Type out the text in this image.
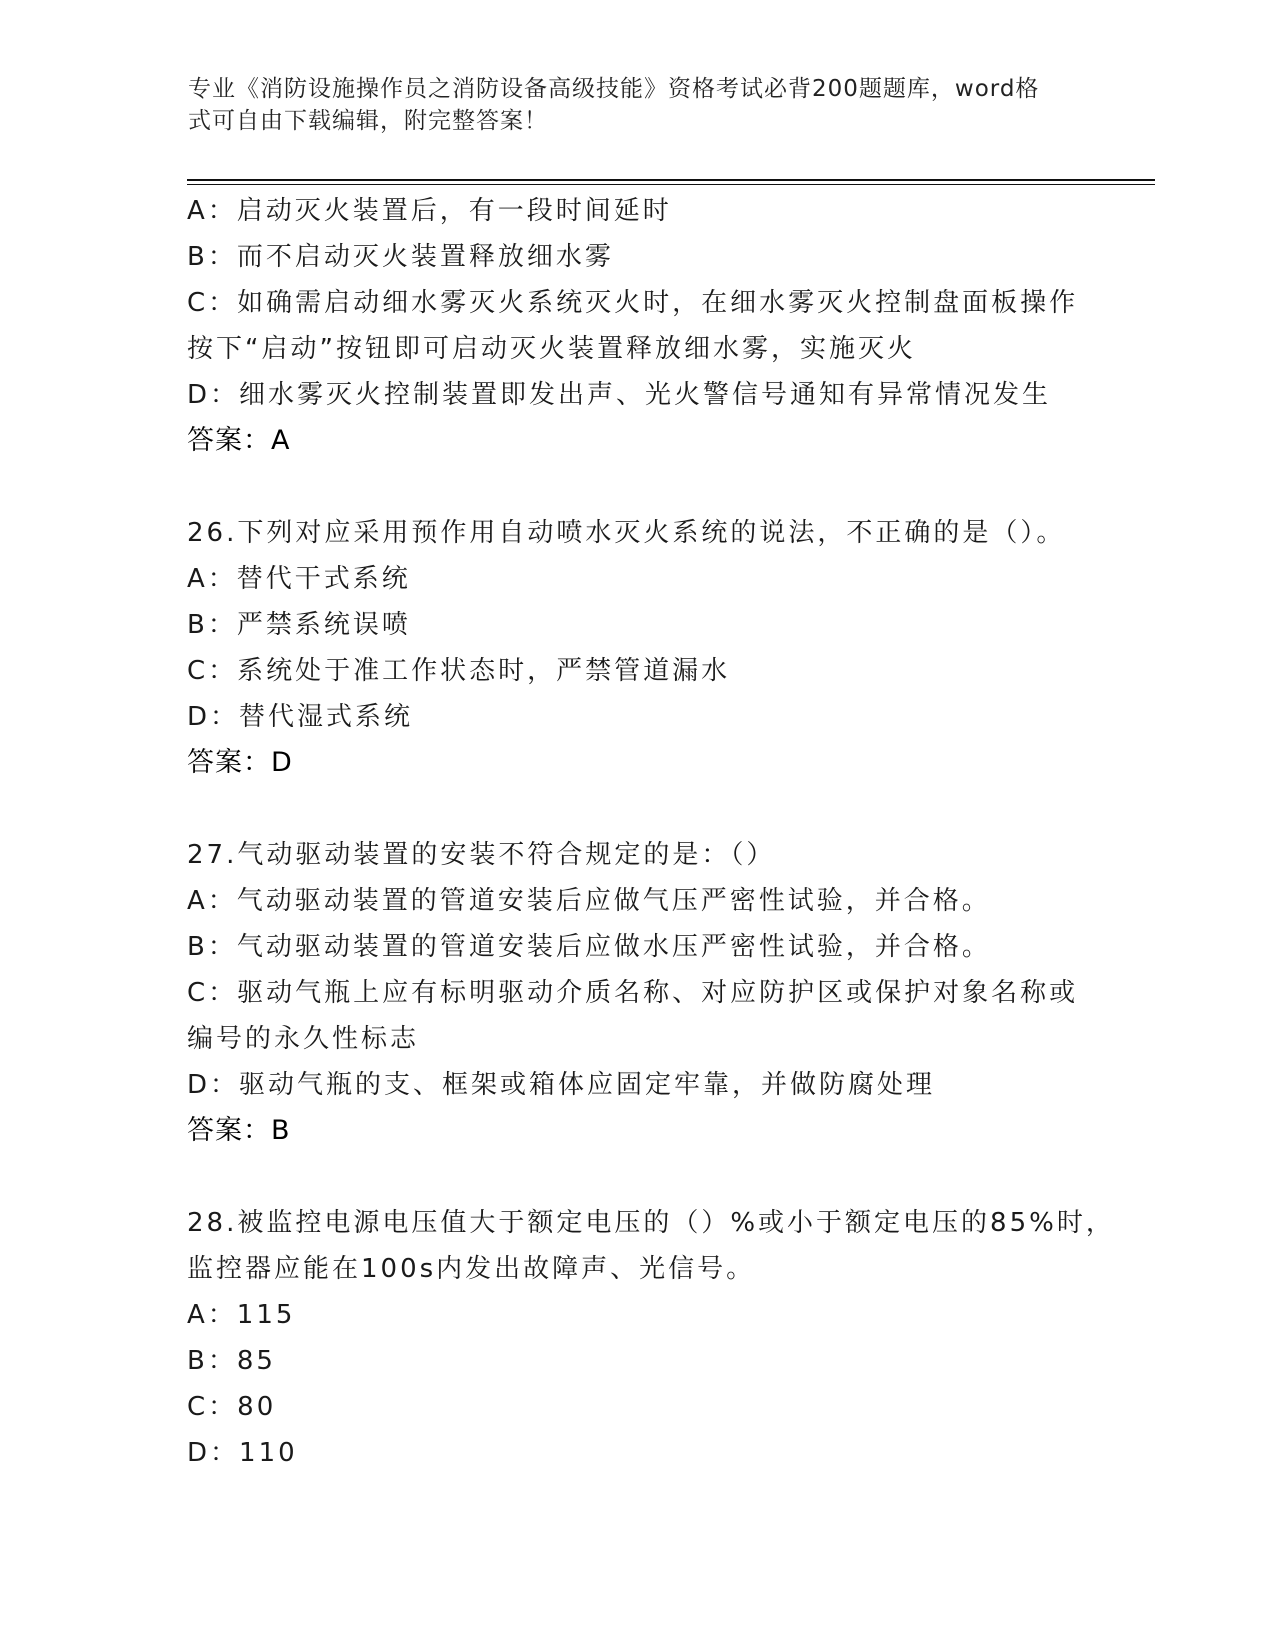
专业《消防设施操作员之消防设备高级技能》资格考试必背200题题库，word格
式可自由下载编辑，附完整答案！
A：启动灭火装置后，有一段时间延时
B：而不启动灭火装置释放细水雾
C：如确需启动细水雾灭火系统灭火时，在细水雾灭火控制盘面板操作
按下“启动”按钮即可启动灭火装置释放细水雾，实施灭火
D：细水雾灭火控制装置即发出声、光火警信号通知有异常情况发生
答案：A
26.下列对应采用预作用自动喷水灭火系统的说法，不正确的是（）。
A：替代干式系统
B：严禁系统误喷
C：系统处于准工作状态时，严禁管道漏水
D：替代湿式系统
答案：D
27.气动驱动装置的安装不符合规定的是：（）
A：气动驱动装置的管道安装后应做气压严密性试验，并合格。
B：气动驱动装置的管道安装后应做水压严密性试验，并合格。
C：驱动气瓶上应有标明驱动介质名称、对应防护区或保护对象名称或
编号的永久性标志
D：驱动气瓶的支、框架或箱体应固定牢靠，并做防腐处理
答案：B
28.被监控电源电压值大于额定电压的（）%或小于额定电压的85%时，
监控器应能在100s内发出故障声、光信号。
A：115
B：85
C：80
D：110
